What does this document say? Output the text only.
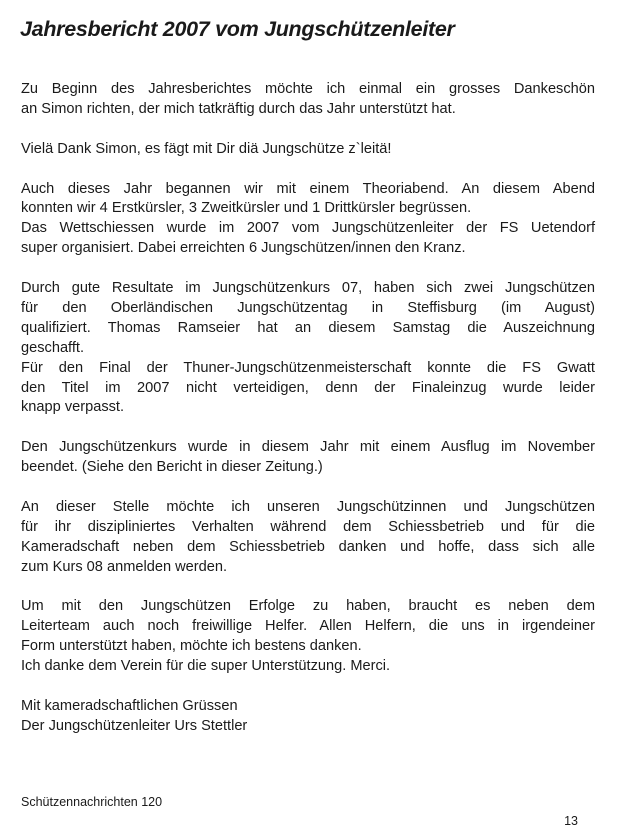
Jahresbericht 2007 vom Jungschützenleiter
Zu Beginn des Jahresberichtes möchte ich einmal ein grosses Dankeschön
an Simon richten, der mich tatkräftig durch das Jahr unterstützt hat.
Vielä Dank Simon, es fägt mit Dir diä Jungschütze z`leitä!
Auch dieses Jahr begannen wir mit einem Theoriabend. An diesem Abend
konnten wir 4 Erstkürsler, 3 Zweitkürsler und 1 Drittkürsler begrüssen.
Das Wettschiessen wurde im 2007 vom Jungschützenleiter der FS Uetendorf
super organisiert. Dabei erreichten 6 Jungschützen/innen den Kranz.
Durch gute Resultate im Jungschützenkurs 07, haben sich zwei Jungschützen
für den Oberländischen Jungschützentag in Steffisburg (im August)
qualifiziert. Thomas Ramseier hat an diesem Samstag die Auszeichnung
geschafft.
Für den Final der Thuner-Jungschützenmeisterschaft konnte die FS Gwatt
den Titel im 2007 nicht verteidigen, denn der Finaleinzug wurde leider
knapp verpasst.
Den Jungschützenkurs wurde in diesem Jahr mit einem Ausflug im November
beendet. (Siehe den Bericht in dieser Zeitung.)
An dieser Stelle möchte ich unseren Jungschützinnen und Jungschützen
für ihr diszipliniertes Verhalten während dem Schiessbetrieb und für die
Kameradschaft neben dem Schiessbetrieb danken und hoffe, dass sich alle
zum Kurs 08 anmelden werden.
Um mit den Jungschützen Erfolge zu haben, braucht es neben dem
Leiterteam auch noch freiwillige Helfer. Allen Helfern, die uns in irgendeiner
Form unterstützt haben, möchte ich bestens danken.
Ich danke dem Verein für die super Unterstützung. Merci.
Mit kameradschaftlichen Grüssen
Der Jungschützenleiter Urs Stettler
Schützennachrichten 120
13
